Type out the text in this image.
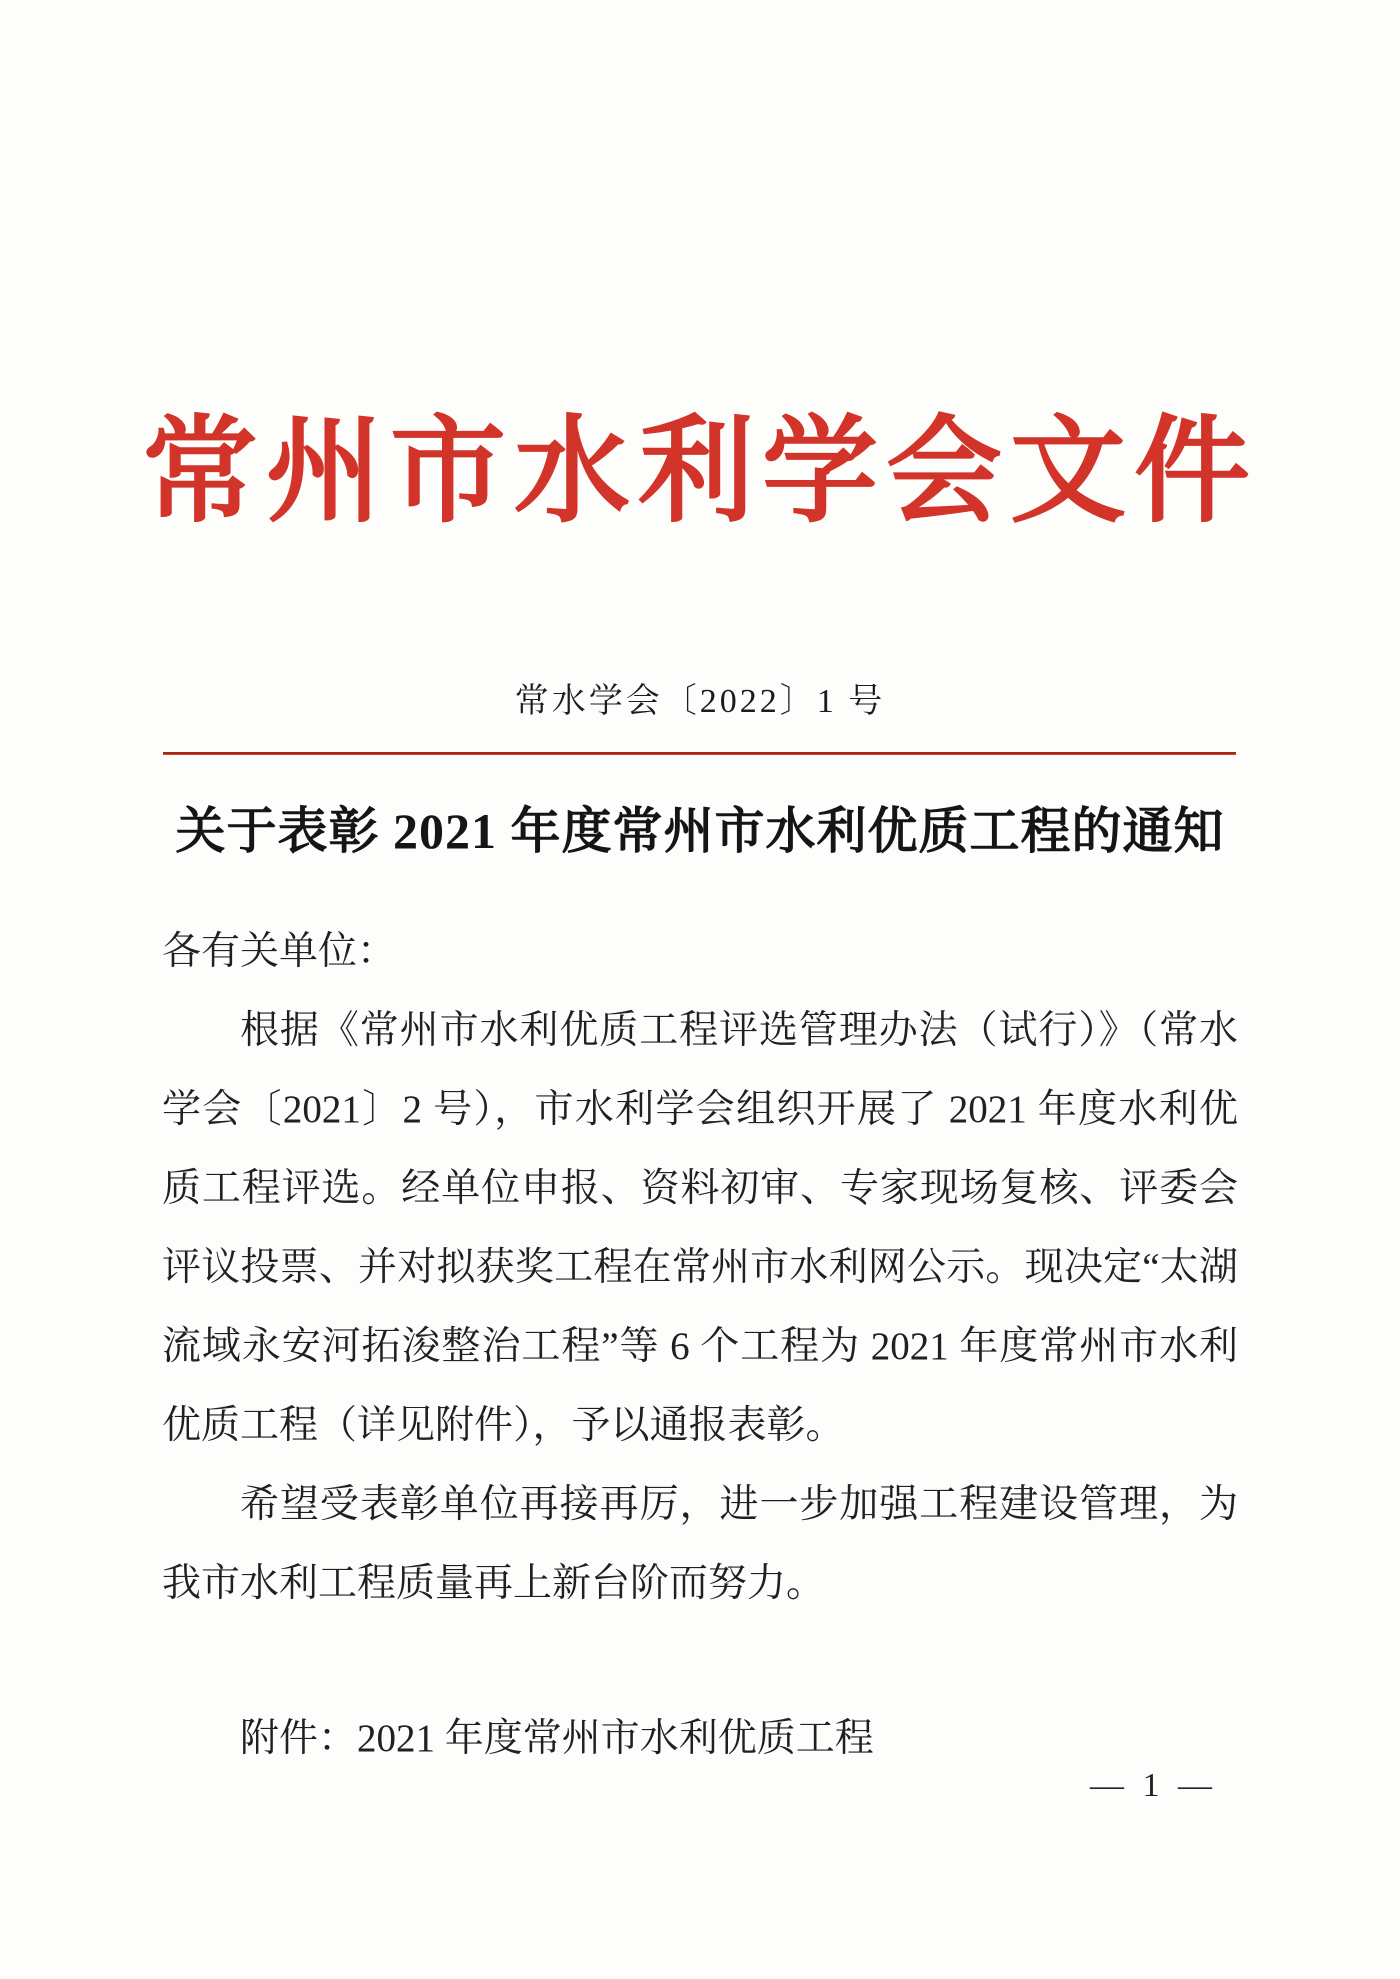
常州市水利学会文件
常水学会〔2022〕1 号
关于表彰 2021 年度常州市水利优质工程的通知

各有关单位：

根据《常州市水利优质工程评选管理办法（试行）》（常水学会〔2021〕2 号），市水利学会组织开展了 2021 年度水利优质工程评选。经单位申报、资料初审、专家现场复核、评委会评议投票、并对拟获奖工程在常州市水利网公示。现决定“太湖流域永安河拓浚整治工程”等 6 个工程为 2021 年度常州市水利优质工程（详见附件），予以通报表彰。

希望受表彰单位再接再厉，进一步加强工程建设管理，为我市水利工程质量再上新台阶而努力。

附件：2021 年度常州市水利优质工程

— 1 —
